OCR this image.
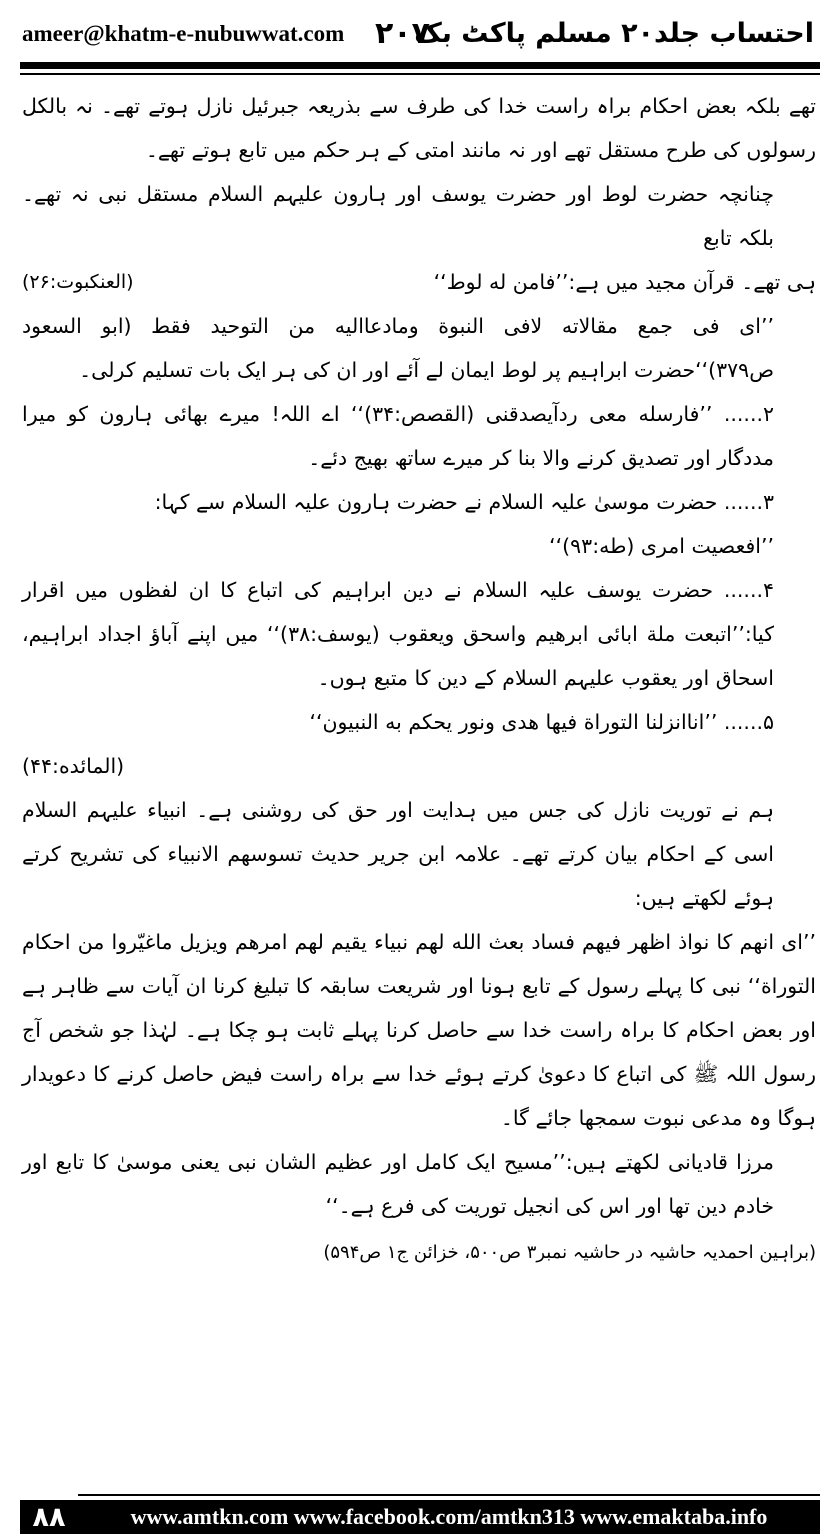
ameer@khatm-e-nubuwwat.com ۲۰۷
احتساب جلد۲۰ مسلم پاکٹ بک

تھے بلکہ بعض احکام براہ راست خدا کی طرف سے بذریعہ جبرئیل نازل ہوتے تھے۔ نہ بالکل رسولوں کی طرح مستقل تھے اور نہ مانند امتی کے ہر حکم میں تابع ہوتے تھے۔

چنانچہ حضرت لوط اور حضرت یوسف اور ہارون علیہم السلام مستقل نبی نہ تھے۔ بلکہ تابع

ہی تھے۔ قرآن مجید میں ہے:’’فامن له لوط‘‘
(العنکبوت:۲۶)

’’ای فی جمع مقالاته لافی النبوة ومادعاالیه من التوحید فقط (ابو السعود ص۳۷۹)‘‘حضرت ابراہیم پر لوط ایمان لے آئے اور ان کی ہر ایک بات تسلیم کرلی۔

۲...... ’’فارسله معی ردآیصدقنی (القصص:۳۴)‘‘ اے اللہ! میرے بھائی ہارون کو میرا مددگار اور تصدیق کرنے والا بنا کر میرے ساتھ بھیج دئے۔

۳...... حضرت موسیٰ علیہ السلام نے حضرت ہارون علیہ السلام سے کہا:

’’افعصیت امری (طه:۹۳)‘‘

۴...... حضرت یوسف علیہ السلام نے دین ابراہیم کی اتباع کا ان لفظوں میں اقرار کیا:’’اتبعت ملة ابائی ابرهیم واسحق ویعقوب (یوسف:۳۸)‘‘ میں اپنے آباؤ اجداد ابراہیم، اسحاق اور یعقوب علیہم السلام کے دین کا متبع ہوں۔

۵...... ’’اناانزلنا التوراة فیها هدی ونور یحکم به النبیون‘‘

(المائده:۴۴)

ہم نے توریت نازل کی جس میں ہدایت اور حق کی روشنی ہے۔ انبیاء علیہم السلام اسی کے احکام بیان کرتے تھے۔ علامہ ابن جریر حدیث تسوسهم الانبیاء کی تشریح کرتے ہوئے لکھتے ہیں:

’’ای انهم کا نواذ اظهر فیهم فساد بعث الله لهم نبیاء یقیم لهم امرهم ویزیل ماغیّروا من احکام التوراة‘‘ نبی کا پہلے رسول کے تابع ہونا اور شریعت سابقہ کا تبلیغ کرنا ان آیات سے ظاہر ہے اور بعض احکام کا براہ راست خدا سے حاصل کرنا پہلے ثابت ہو چکا ہے۔ لہٰذا جو شخص آج رسول اللہ ﷺ کی اتباع کا دعویٰ کرتے ہوئے خدا سے براہ راست فیض حاصل کرنے کا دعویدار ہوگا وہ مدعی نبوت سمجھا جائے گا۔

مرزا قادیانی لکھتے ہیں:’’مسیح ایک کامل اور عظیم الشان نبی یعنی موسیٰ کا تابع اور خادم دین تھا اور اس کی انجیل توریت کی فرع ہے۔‘‘

(براہین احمدیہ حاشیہ در حاشیہ نمبر۳ ص۵۰۰، خزائن ج۱ ص۵۹۴)

۸۸	www.amtkn.com www.facebook.com/amtkn313 www.emaktaba.info
